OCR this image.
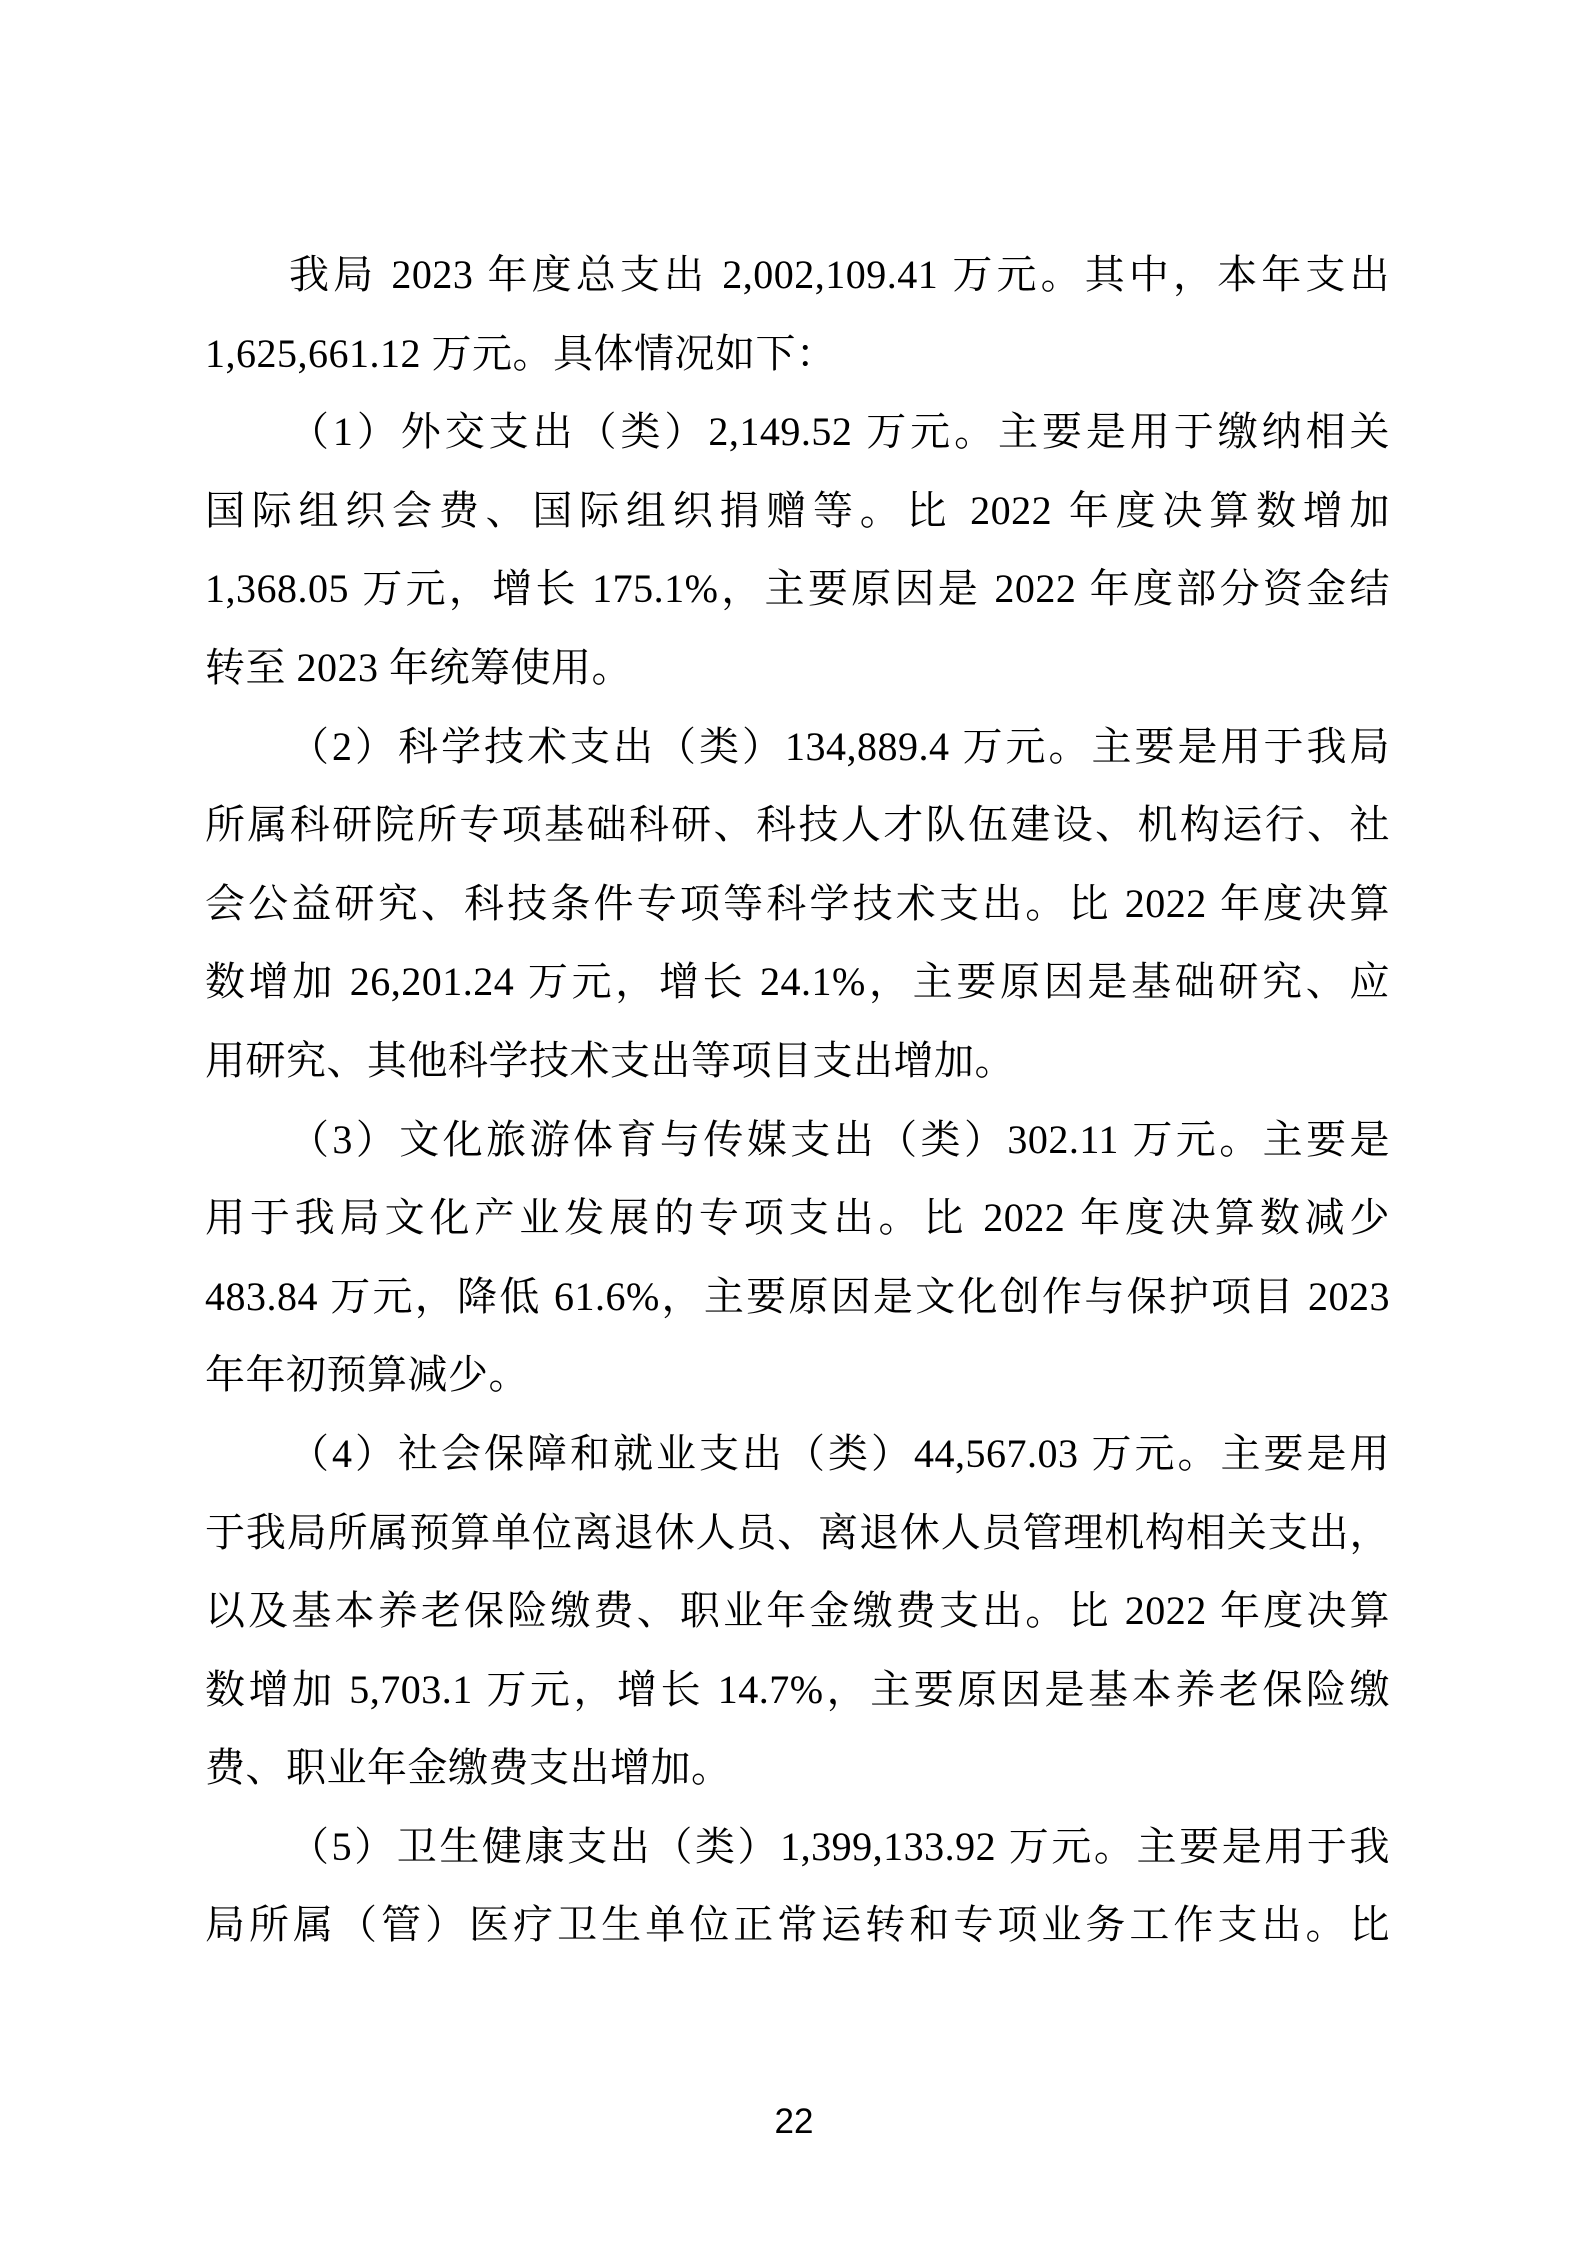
我局 2023 年度总支出 2,002,109.41 万元。其中，本年支出
1,625,661.12 万元。具体情况如下：
（1）外交支出（类）2,149.52 万元。主要是用于缴纳相关
国际组织会费、国际组织捐赠等。比 2022 年度决算数增加
1,368.05 万元，增长 175.1%，主要原因是 2022 年度部分资金结
转至 2023 年统筹使用。
（2）科学技术支出（类）134,889.4 万元。主要是用于我局
所属科研院所专项基础科研、科技人才队伍建设、机构运行、社
会公益研究、科技条件专项等科学技术支出。比 2022 年度决算
数增加 26,201.24 万元，增长 24.1%，主要原因是基础研究、应
用研究、其他科学技术支出等项目支出增加。
（3）文化旅游体育与传媒支出（类）302.11 万元。主要是
用于我局文化产业发展的专项支出。比 2022 年度决算数减少
483.84 万元，降低 61.6%，主要原因是文化创作与保护项目 2023
年年初预算减少。
（4）社会保障和就业支出（类）44,567.03 万元。主要是用
于我局所属预算单位离退休人员、离退休人员管理机构相关支出，
以及基本养老保险缴费、职业年金缴费支出。比 2022 年度决算
数增加 5,703.1 万元，增长 14.7%，主要原因是基本养老保险缴
费、职业年金缴费支出增加。
（5）卫生健康支出（类）1,399,133.92 万元。主要是用于我
局所属（管）医疗卫生单位正常运转和专项业务工作支出。比
22
